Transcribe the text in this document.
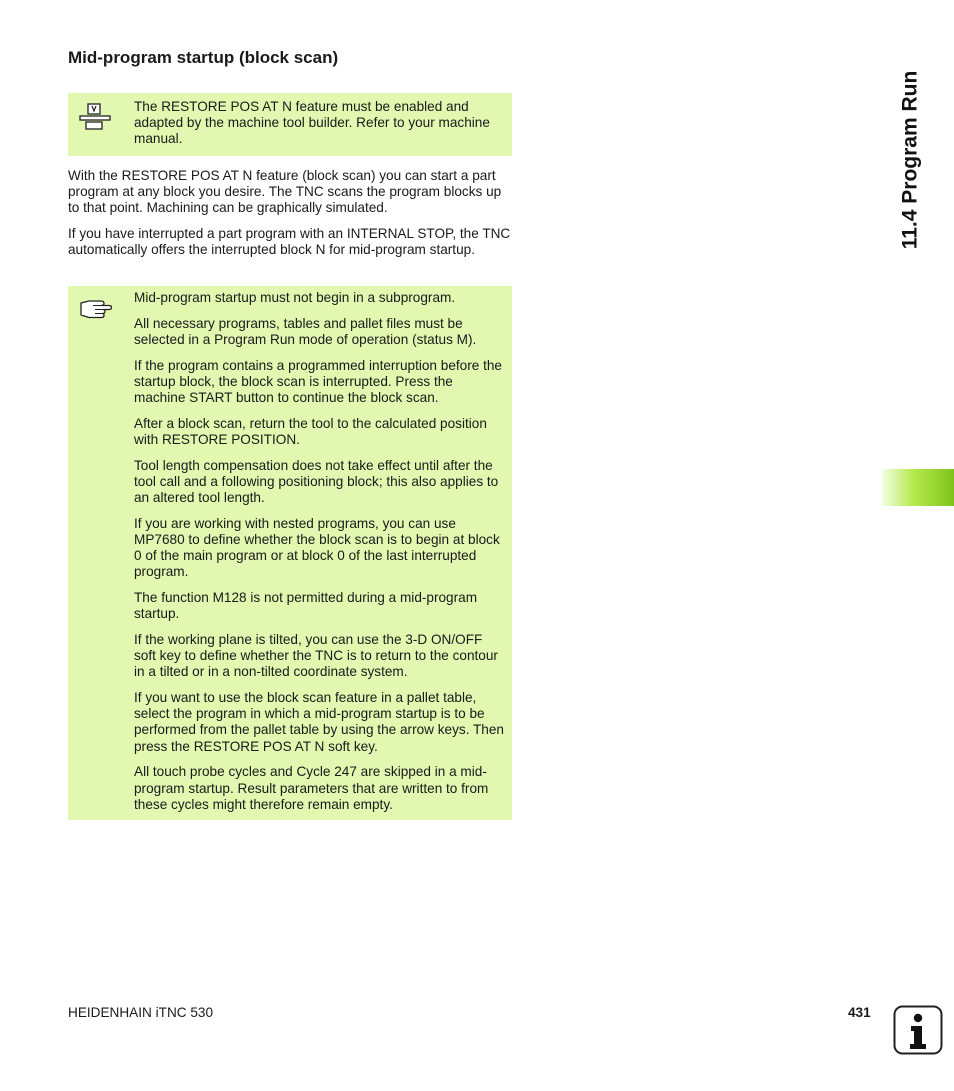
Mid-program startup (block scan)

The RESTORE POS AT N feature must be enabled and adapted by the machine tool builder. Refer to your machine manual.

With the RESTORE POS AT N feature (block scan) you can start a part program at any block you desire. The TNC scans the program blocks up to that point. Machining can be graphically simulated.

If you have interrupted a part program with an INTERNAL STOP, the TNC automatically offers the interrupted block N for mid-program startup.

Mid-program startup must not begin in a subprogram.

All necessary programs, tables and pallet files must be selected in a Program Run mode of operation (status M).

If the program contains a programmed interruption before the startup block, the block scan is interrupted. Press the machine START button to continue the block scan.

After a block scan, return the tool to the calculated position with RESTORE POSITION.

Tool length compensation does not take effect until after the tool call and a following positioning block; this also applies to an altered tool length.

If you are working with nested programs, you can use MP7680 to define whether the block scan is to begin at block 0 of the main program or at block 0 of the last interrupted program.

The function M128 is not permitted during a mid-program startup.

If the working plane is tilted, you can use the 3-D ON/OFF soft key to define whether the TNC is to return to the contour in a tilted or in a non-tilted coordinate system.

If you want to use the block scan feature in a pallet table, select the program in which a mid-program startup is to be performed from the pallet table by using the arrow keys. Then press the RESTORE POS AT N soft key.

All touch probe cycles and Cycle 247 are skipped in a mid-program startup. Result parameters that are written to from these cycles might therefore remain empty.

11.4 Program Run
HEIDENHAIN iTNC 530	431
